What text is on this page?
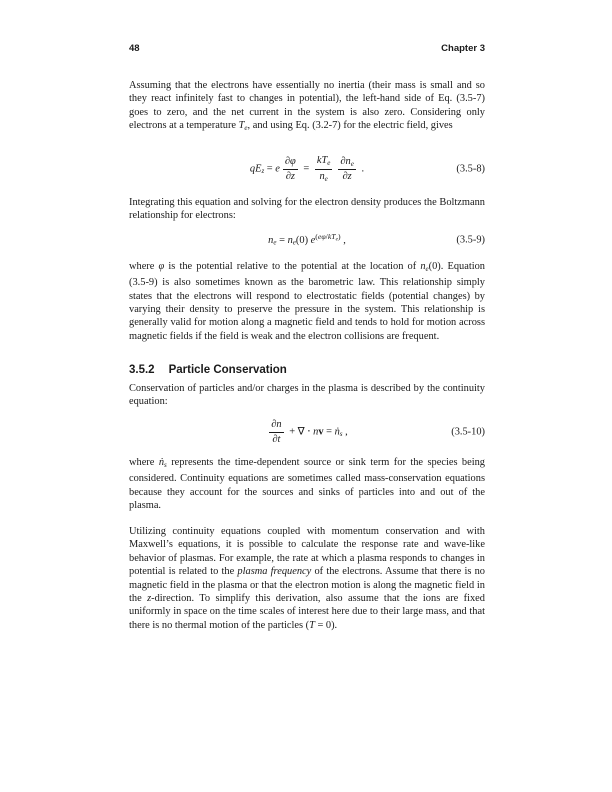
48	Chapter 3
Assuming that the electrons have essentially no inertia (their mass is small and so they react infinitely fast to changes in potential), the left-hand side of Eq. (3.5-7) goes to zero, and the net current in the system is also zero. Considering only electrons at a temperature Te, and using Eq. (3.2-7) for the electric field, gives
qEz = e $\frac{\partial\varphi}{\partial z} = \frac{\text{kTe}}{ne} \frac{\partial ne}{\partial z}$ .	(3.5-8)
Integrating this equation and solving for the electron density produces the Boltzmann relationship for electrons:
ne = ne(0) e(eφ/kTe) ,	(3.5-9)
where φ is the potential relative to the potential at the location of ne(0). Equation (3.5-9) is also sometimes known as the barometric law. This relationship simply states that the electrons will respond to electrostatic fields (potential changes) by varying their density to preserve the pressure in the system. This relationship is generally valid for motion along a magnetic field and tends to hold for motion across magnetic fields if the field is weak and the electron collisions are frequent.
3.5.2 Particle Conservation
Conservation of particles and/or charges in the plasma is described by the continuity equation:
$\frac{\partial n}{\partial t}$ + ∇ ⋅ nv = ṅs ,	(3.5-10)
where ṅs represents the time-dependent source or sink term for the species being considered. Continuity equations are sometimes called mass-conservation equations because they account for the sources and sinks of particles into and out of the plasma.
Utilizing continuity equations coupled with momentum conservation and with Maxwell’s equations, it is possible to calculate the response rate and wave-like behavior of plasmas. For example, the rate at which a plasma responds to changes in potential is related to the plasma frequency of the electrons. Assume that there is no magnetic field in the plasma or that the electron motion is along the magnetic field in the z-direction. To simplify this derivation, also assume that the ions are fixed uniformly in space on the time scales of interest here due to their large mass, and that there is no thermal motion of the particles (T = 0).
